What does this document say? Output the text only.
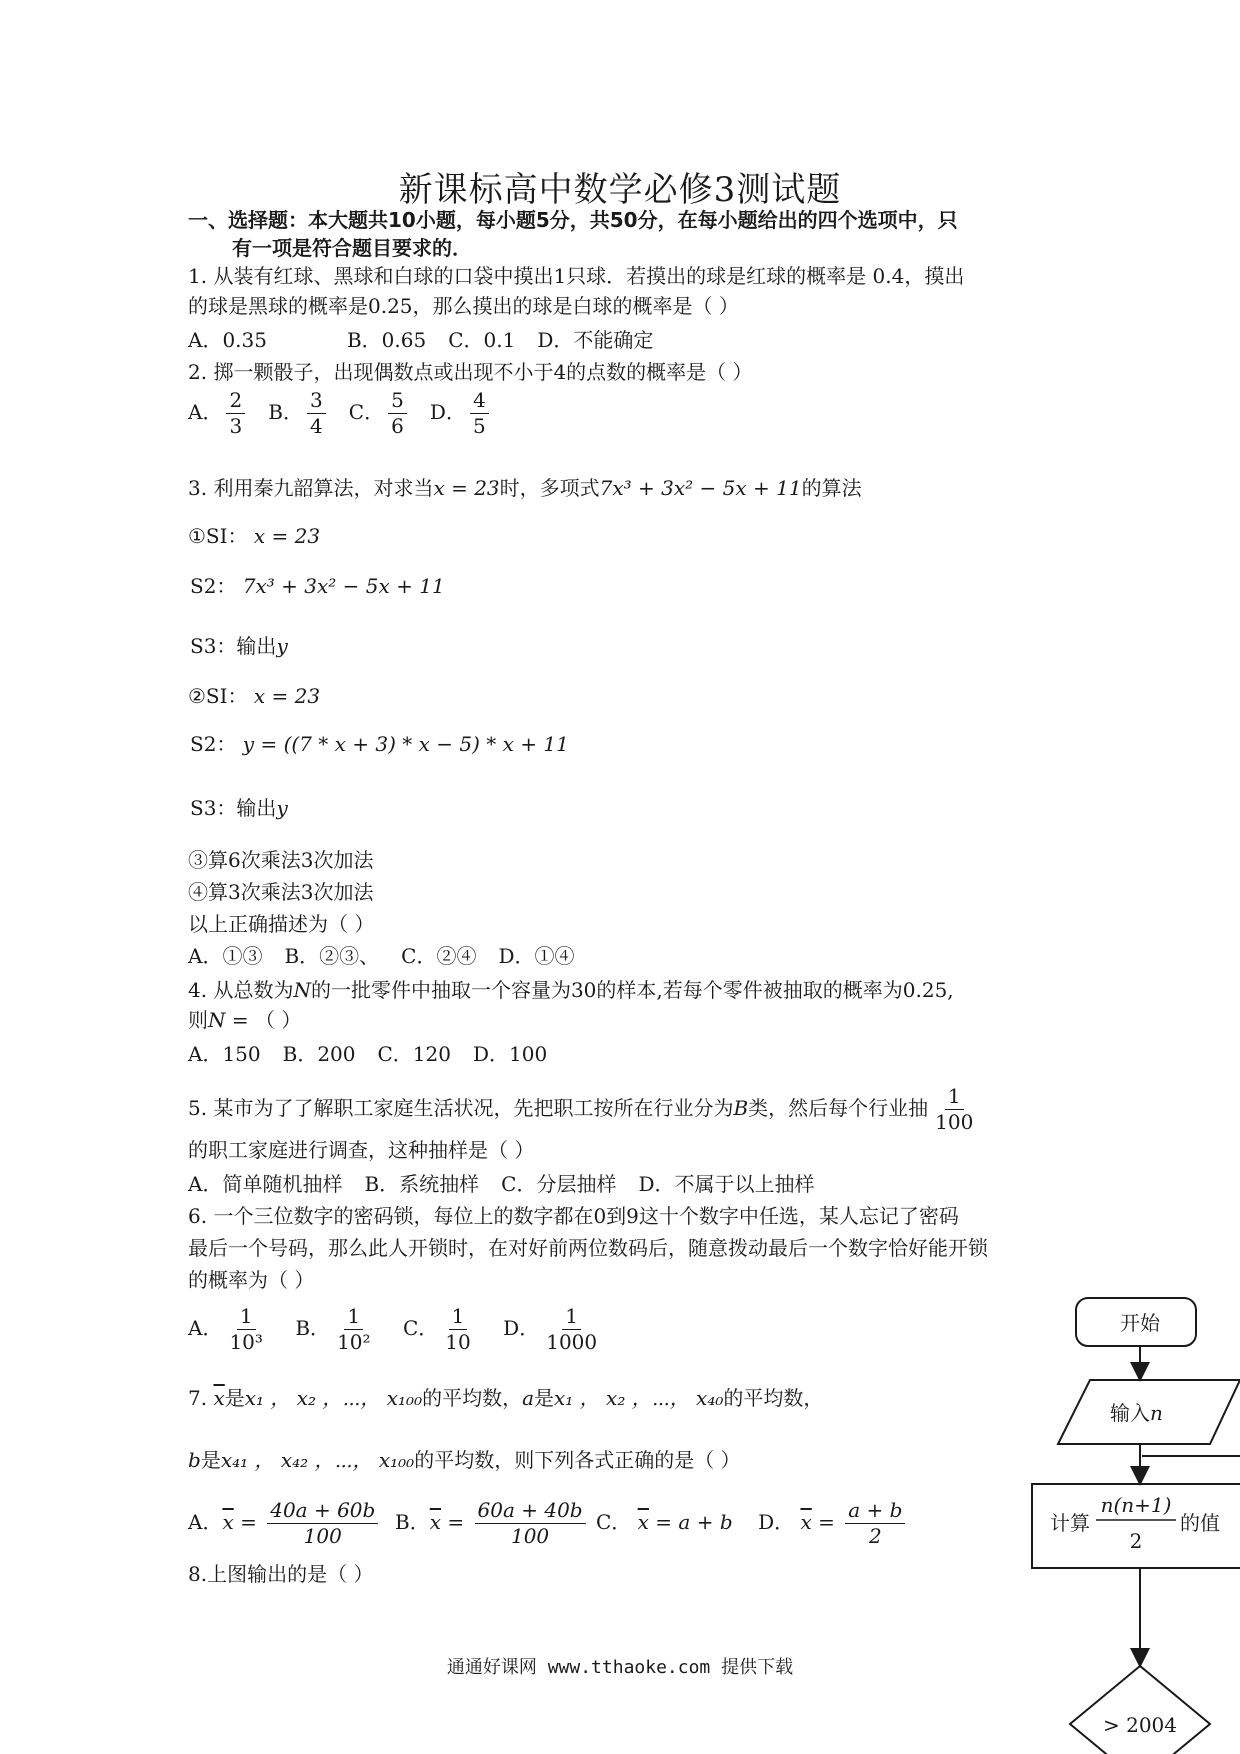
新课标高中数学必修3测试题
一、选择题：本大题共10小题，每小题5分，共50分，在每小题给出的四个选项中，只
有一项是符合题目要求的．
1. 从装有红球、黑球和白球的口袋中摸出1只球．若摸出的球是红球的概率是 0.4，摸出
的球是黑球的概率是0.25，那么摸出的球是白球的概率是（ ）
A．0.35	B．0.65 C．0.1 D．不能确定
2. 掷一颗骰子，出现偶数点或出现不小于4的点数的概率是（ ）
A． $\frac{2}{3}$ B． $\frac{3}{4}$ C． $\frac{5}{6}$ D． $\frac{4}{5}$
3. 利用秦九韶算法，对求当x = 23时，多项式7x³ + 3x² − 5x + 11的算法
①SI： x = 23
S2： 7x³ + 3x² − 5x + 11
S3：输出y
②SI： x = 23
S2： y = ((7 * x + 3) * x − 5) * x + 11
S3：输出y
③算6次乘法3次加法
④算3次乘法3次加法
以上正确描述为（ ）
A．①③ B．②③、 C．②④ D．①④
4. 从总数为N的一批零件中抽取一个容量为30的样本,若每个零件被抽取的概率为0.25,
则N = （ ）
A．150 B．200 C．120 D．100
5. 某市为了了解职工家庭生活状况，先把职工按所在行业分为B类，然后每个行业抽 $\frac{1}{100}$
的职工家庭进行调查，这种抽样是（ ）
A．简单随机抽样 B．系统抽样 C．分层抽样 D．不属于以上抽样
6. 一个三位数字的密码锁，每位上的数字都在0到9这十个数字中任选，某人忘记了密码
最后一个号码，那么此人开锁时，在对好前两位数码后，随意拨动最后一个数字恰好能开锁
的概率为（ ）
A． $\frac{1}{\text{10³}}$ B． $\frac{1}{\text{10²}}$ C． $\frac{1}{10}$ D． $\frac{1}{1000}$
7. $\overline{x}$是x₁ ， x₂ ，⋯， x₁₀₀的平均数，a是x₁ ， x₂ ，⋯， x₄₀的平均数，
b是x₄₁ ， x₄₂ ，⋯， x₁₀₀的平均数，则下列各式正确的是（ ）
A．$\overline{x} = \frac{40a + 60b}{100}$ B．$\overline{x} = \frac{60a + 40b}{100}$ C． $\overline{x} = a + b$ D． $\overline{x} = \frac{a + b}{2}$
8.上图输出的是（ ）
通通好课网 www.tthaoke.com 提供下载
开始
输入n
计算
n(n+1)
2
的值
> 2004
